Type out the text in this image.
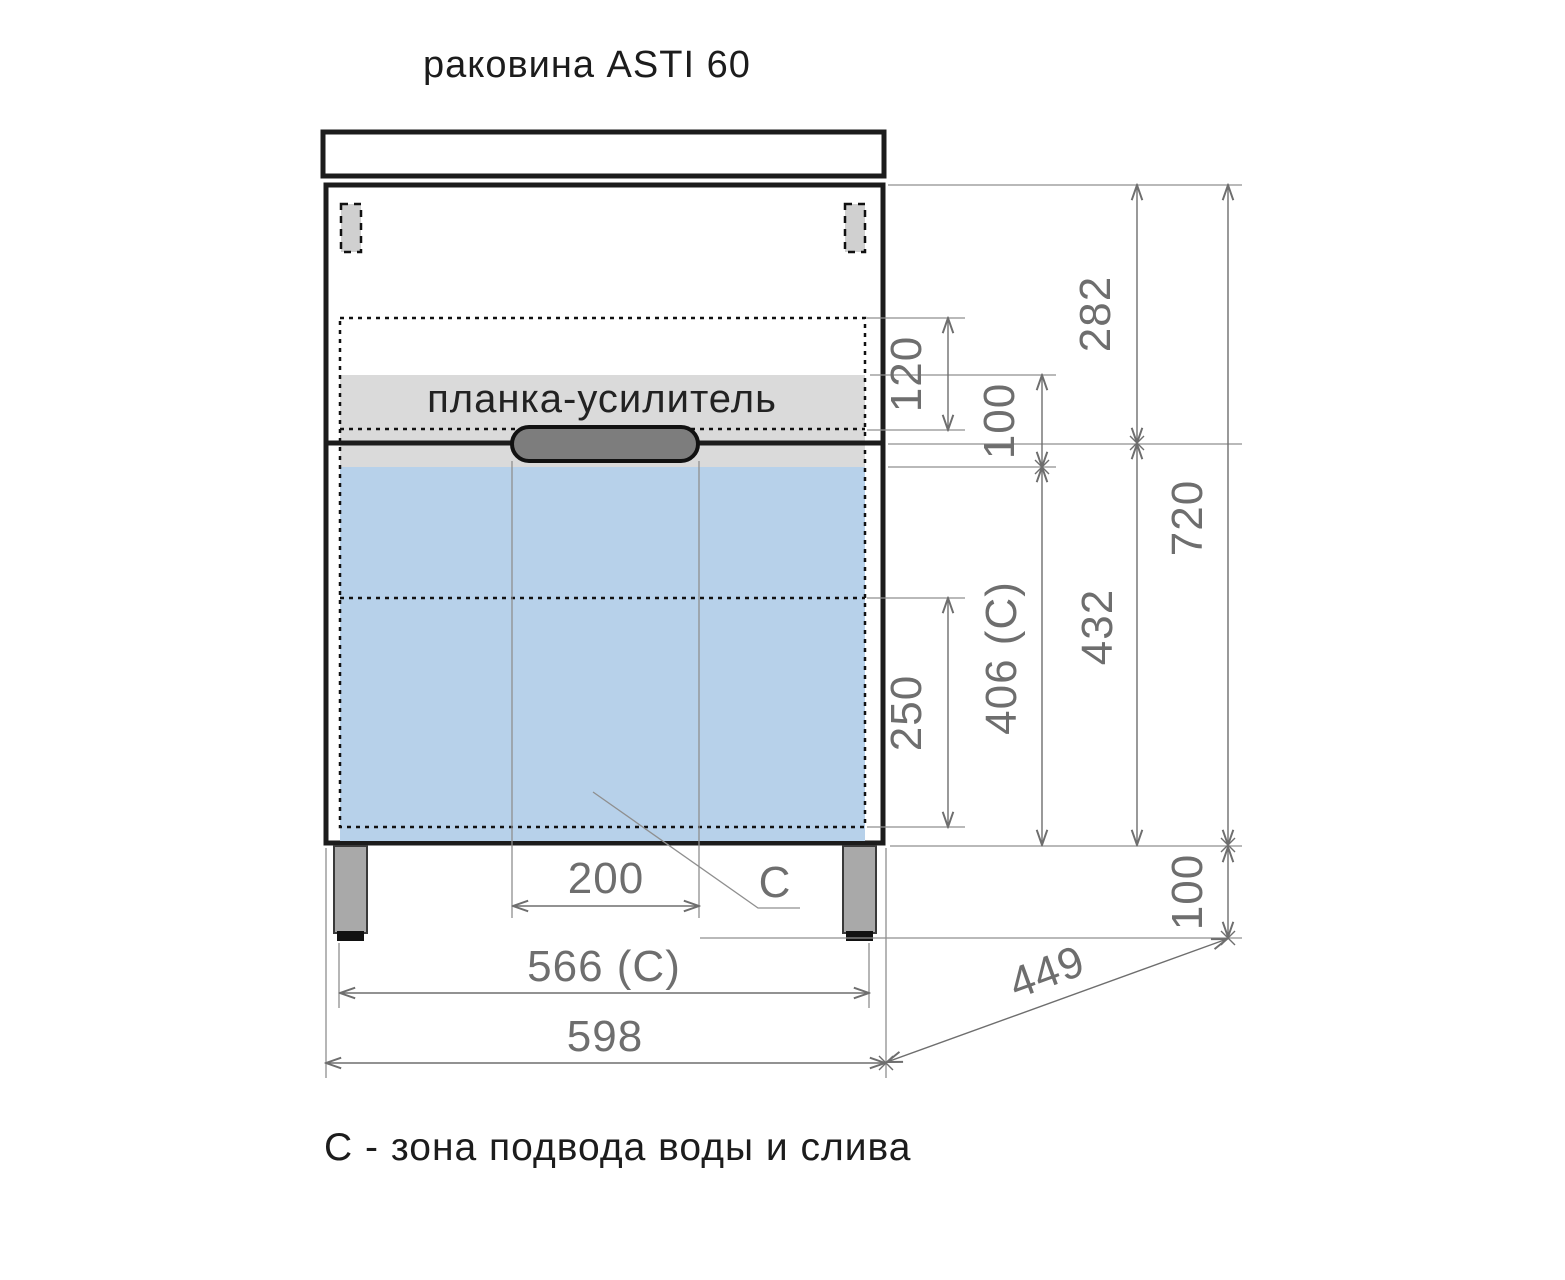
раковина ASTI 60
планка-усилитель
С
282
120
100
250 406 (С) 432
720
100
200
566 (С)
598
449
С - зона подвода воды и слива
